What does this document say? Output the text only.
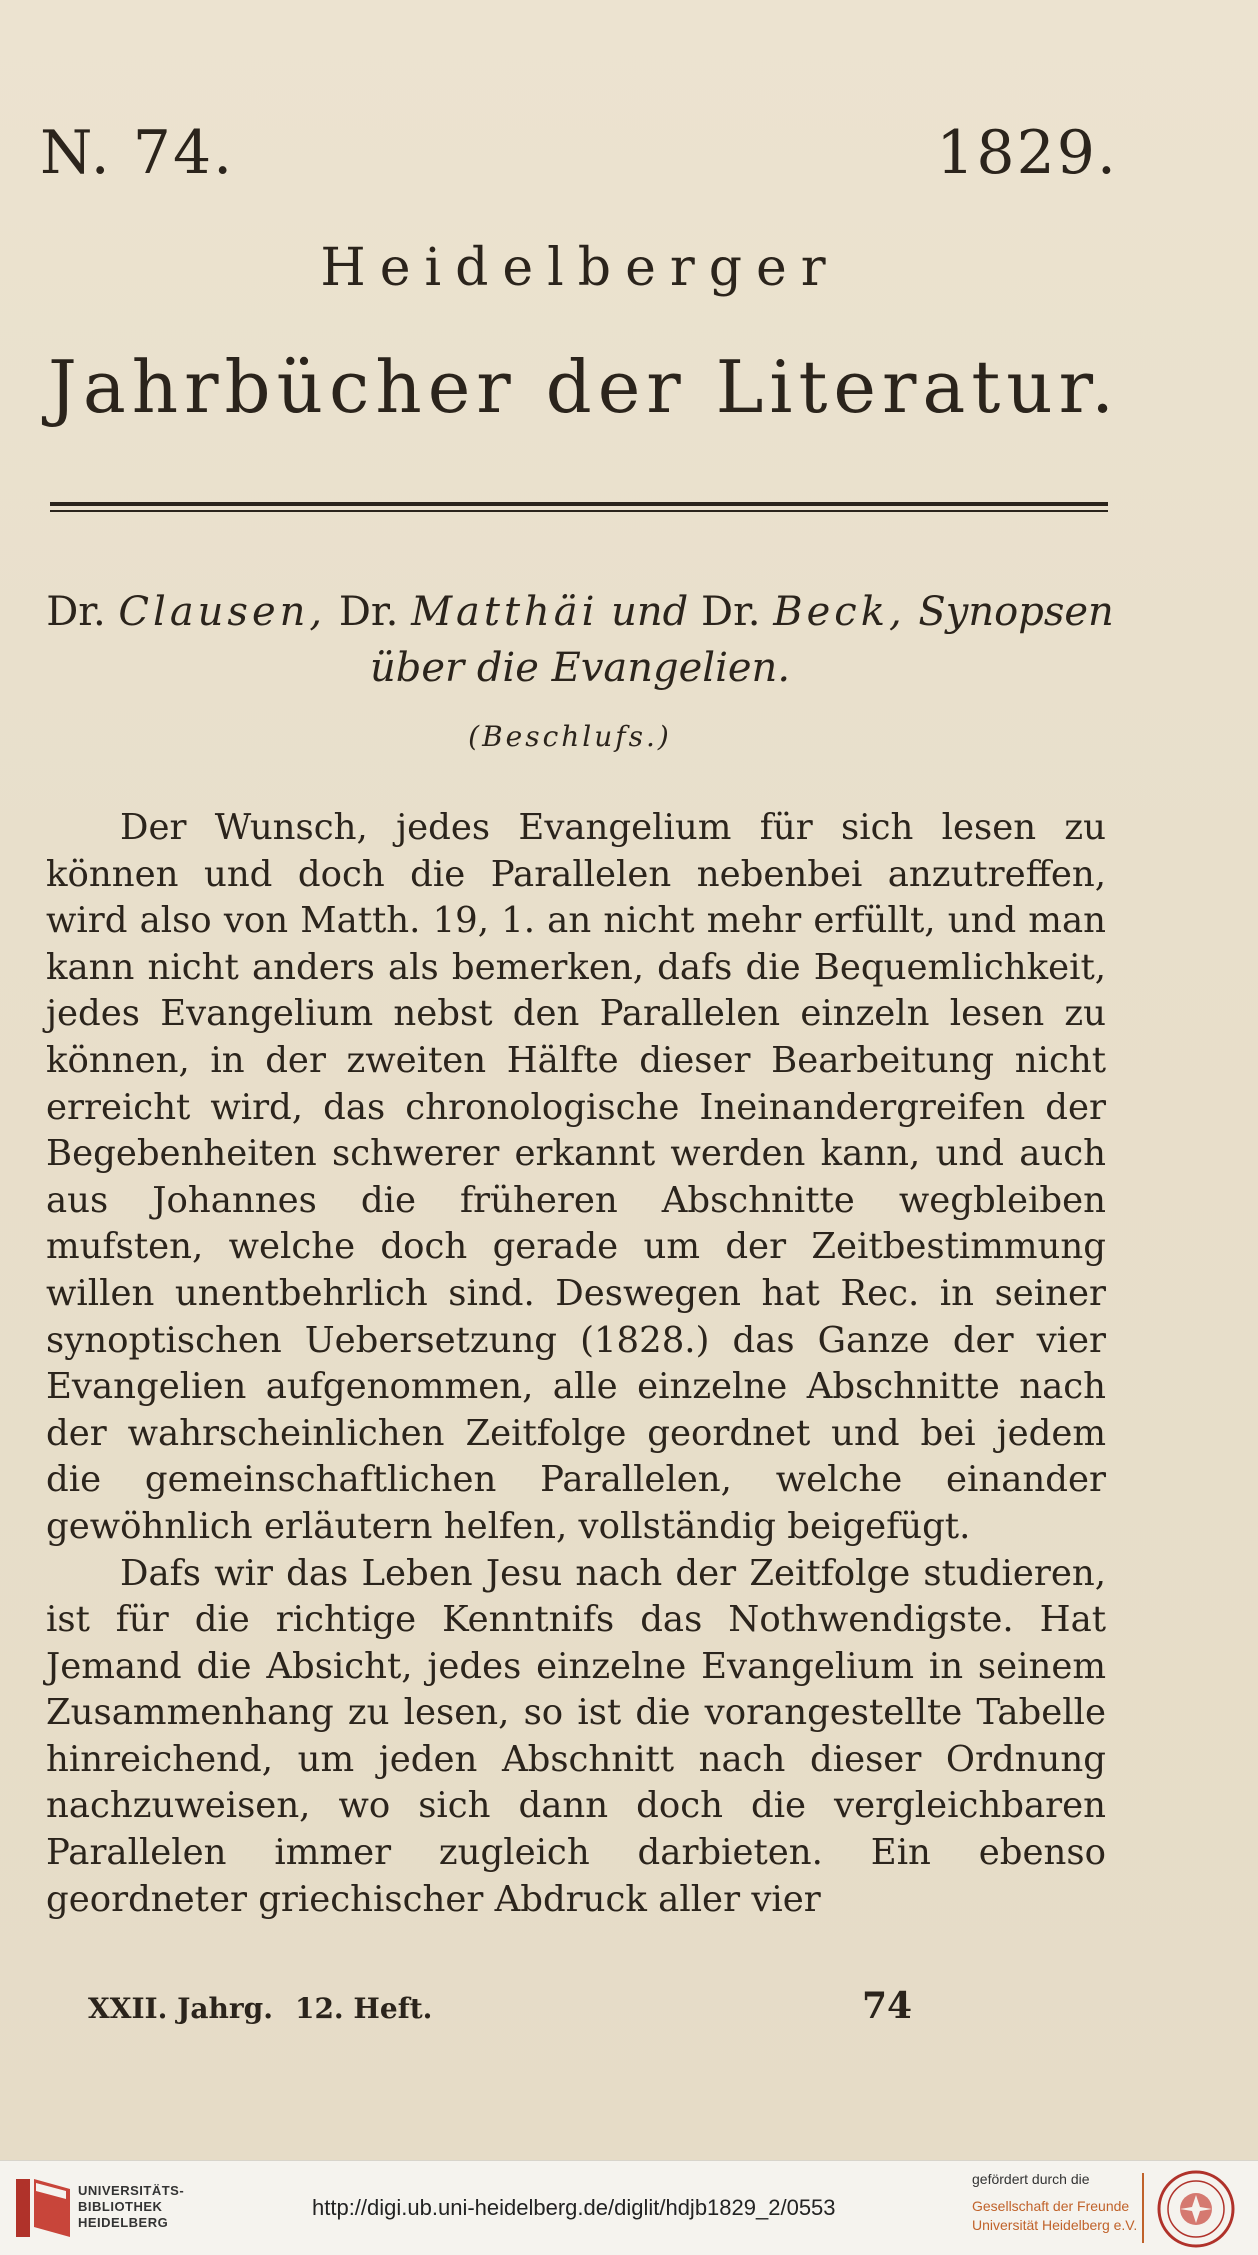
N. 74.	1829.
Heidelberger
Jahrbücher der Literatur.
Dr. Clausen, Dr. Matthäi und Dr. Beck, Synopsen
über die Evangelien.
(Beschlufs.)

Der Wunsch, jedes Evangelium für sich lesen zu können und doch die Parallelen nebenbei anzutreffen, wird also von Matth. 19, 1. an nicht mehr erfüllt, und man kann nicht anders als bemerken, dafs die Bequemlichkeit, jedes Evangelium nebst den Parallelen einzeln lesen zu können, in der zweiten Hälfte dieser Bearbeitung nicht erreicht wird, das chronologische Ineinandergreifen der Begebenheiten schwerer erkannt werden kann, und auch aus Johannes die früheren Abschnitte wegbleiben mufsten, welche doch gerade um der Zeitbestimmung willen unentbehrlich sind. Deswegen hat Rec. in seiner synoptischen Uebersetzung (1828.) das Ganze der vier Evangelien aufgenommen, alle einzelne Abschnitte nach der wahrscheinlichen Zeitfolge geordnet und bei jedem die gemeinschaftlichen Parallelen, welche einander gewöhnlich erläutern helfen, vollständig beigefügt.

Dafs wir das Leben Jesu nach der Zeitfolge studieren, ist für die richtige Kenntnifs das Nothwendigste. Hat Jemand die Absicht, jedes einzelne Evangelium in seinem Zusammenhang zu lesen, so ist die vorangestellte Tabelle hinreichend, um jeden Abschnitt nach dieser Ordnung nachzuweisen, wo sich dann doch die vergleichbaren Parallelen immer zugleich darbieten. Ein ebenso geordneter griechischer Abdruck aller vier

XXII. Jahrg. 12. Heft.	74
UNIVERSITÄTS-
BIBLIOTHEK
HEIDELBERG
http://digi.ub.uni-heidelberg.de/diglit/hdjb1829_2/0553
gefördert durch die
Gesellschaft der Freunde
Universität Heidelberg e.V.
